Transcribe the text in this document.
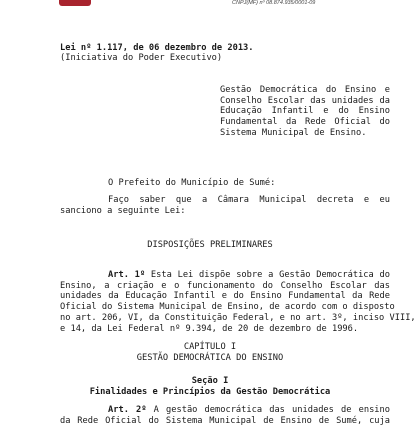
CNPJ(MF) nº 08.874.935/0001-09
Lei nº 1.117, de 06 dezembro de 2013.
(Iniciativa do Poder Executivo)
Gestão Democrática do Ensino e
Conselho Escolar das unidades da
Educação Infantil e do Ensino
Fundamental da Rede Oficial do
Sistema Municipal de Ensino.
O Prefeito do Município de Sumé:
Faço saber que a Câmara Municipal decreta e eu
sanciono a seguinte Lei:
DISPOSIÇÕES PRELIMINARES
Art. 1º Esta Lei dispõe sobre a Gestão Democrática do
Ensino, a criação e o funcionamento do Conselho Escolar das
unidades da Educação Infantil e do Ensino Fundamental da Rede
Oficial do Sistema Municipal de Ensino, de acordo com o disposto
no art. 206, VI, da Constituição Federal, e no art. 3º, inciso VIII,
e 14, da Lei Federal nº 9.394, de 20 de dezembro de 1996.
CAPÍTULO I
GESTÃO DEMOCRÁTICA DO ENSINO
Seção I
Finalidades e Princípios da Gestão Democrática
Art. 2º A gestão democrática das unidades de ensino
da Rede Oficial do Sistema Municipal de Ensino de Sumé, cuja
